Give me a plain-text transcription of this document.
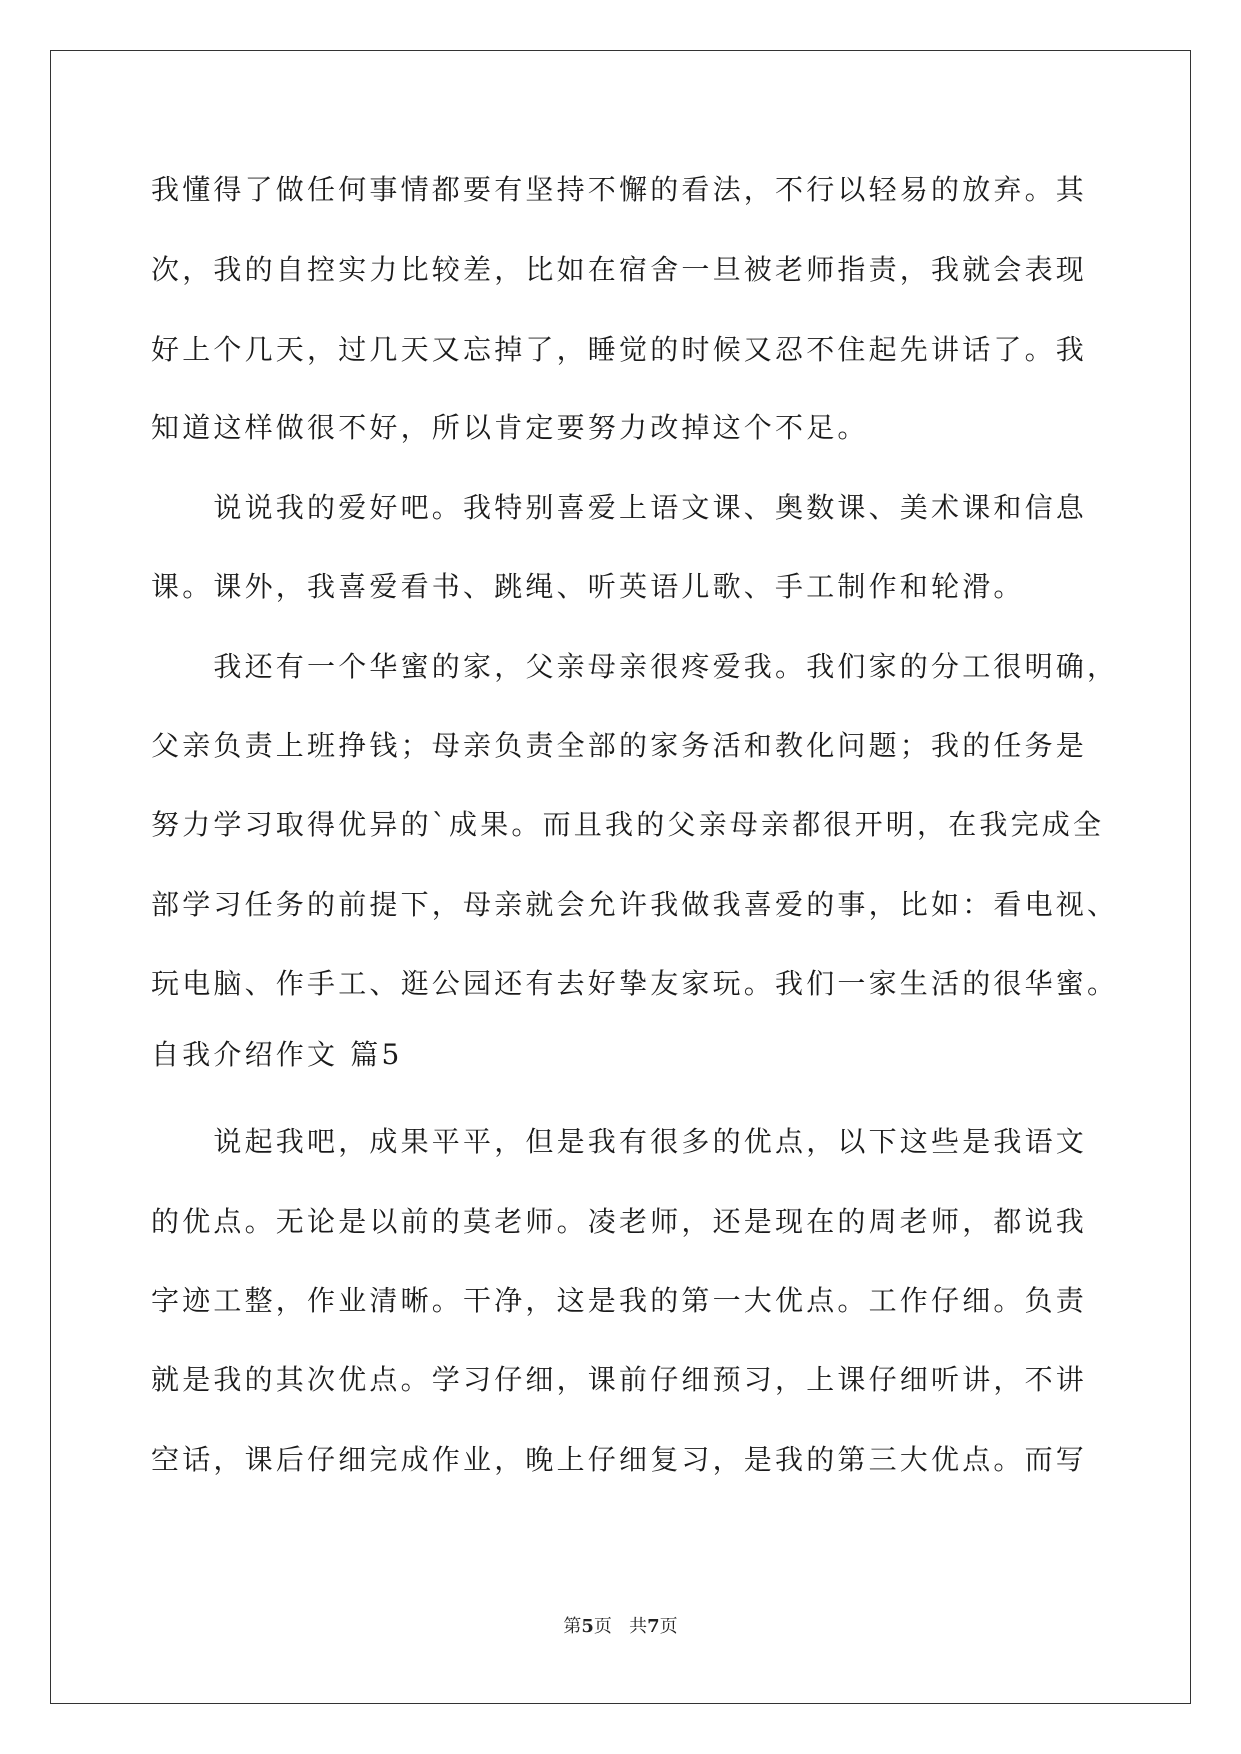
我懂得了做任何事情都要有坚持不懈的看法，不行以轻易的放弃。其
次，我的自控实力比较差，比如在宿舍一旦被老师指责，我就会表现
好上个几天，过几天又忘掉了，睡觉的时候又忍不住起先讲话了。我
知道这样做很不好，所以肯定要努力改掉这个不足。
　　说说我的爱好吧。我特别喜爱上语文课、奥数课、美术课和信息
课。课外，我喜爱看书、跳绳、听英语儿歌、手工制作和轮滑。
　　我还有一个华蜜的家，父亲母亲很疼爱我。我们家的分工很明确，
父亲负责上班挣钱；母亲负责全部的家务活和教化问题；我的任务是
努力学习取得优异的`成果。而且我的父亲母亲都很开明，在我完成全
部学习任务的前提下，母亲就会允许我做我喜爱的事，比如：看电视、
玩电脑、作手工、逛公园还有去好挚友家玩。我们一家生活的很华蜜。
自我介绍作文 篇5
　　说起我吧，成果平平，但是我有很多的优点，以下这些是我语文
的优点。无论是以前的莫老师。凌老师，还是现在的周老师，都说我
字迹工整，作业清晰。干净，这是我的第一大优点。工作仔细。负责
就是我的其次优点。学习仔细，课前仔细预习，上课仔细听讲，不讲
空话，课后仔细完成作业，晚上仔细复习，是我的第三大优点。而写
第5页 共7页
